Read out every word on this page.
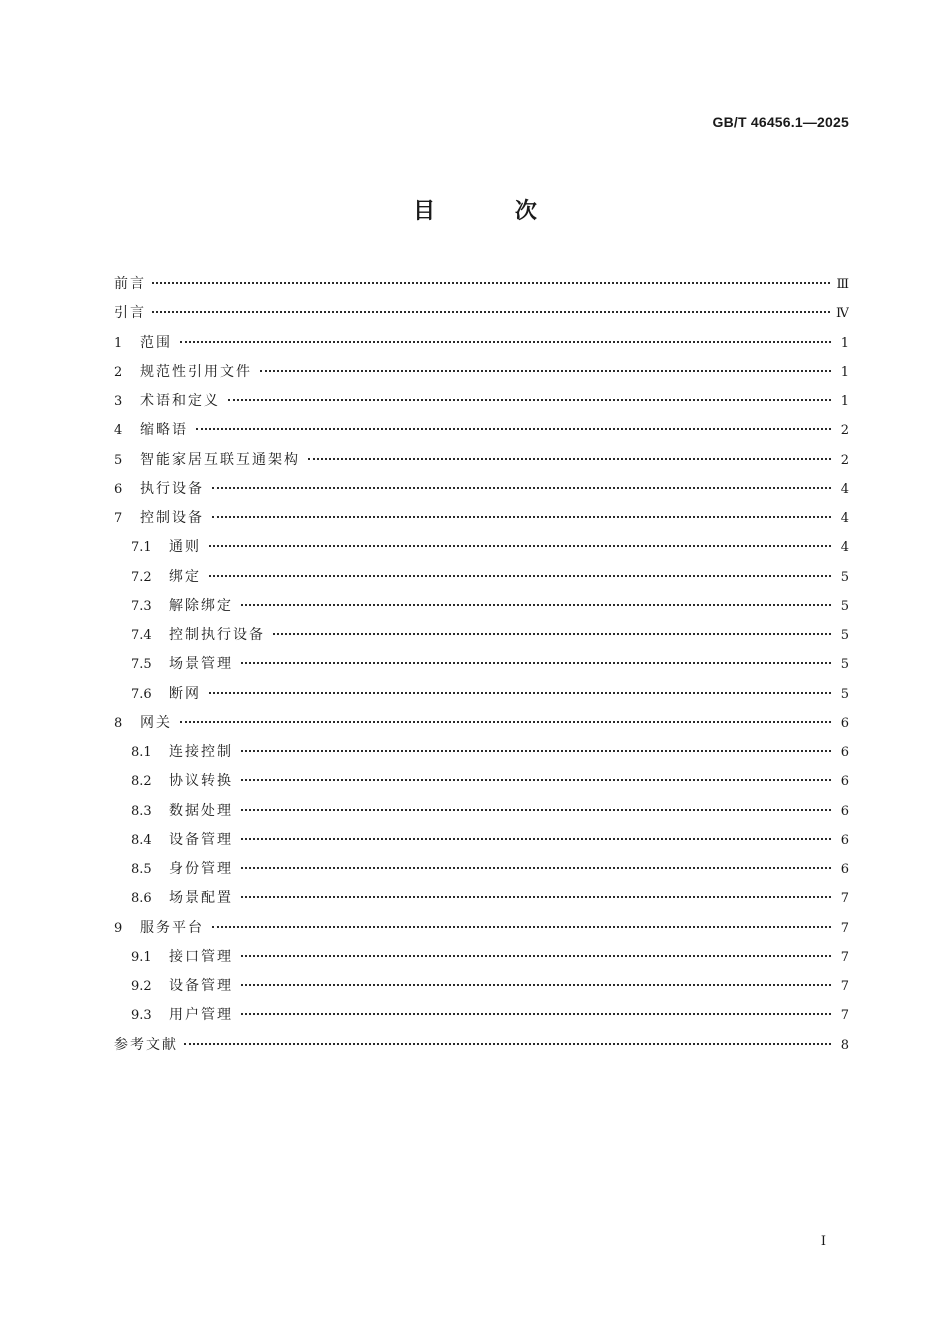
GB/T 46456.1—2025
目 次
前言	Ⅲ
引言	Ⅳ
1	范围	1
2	规范性引用文件	1
3	术语和定义	1
4	缩略语	2
5	智能家居互联互通架构	2
6	执行设备	4
7	控制设备	4
7.1	通则	4
7.2	绑定	5
7.3	解除绑定	5
7.4	控制执行设备	5
7.5	场景管理	5
7.6	断网	5
8	网关	6
8.1	连接控制	6
8.2	协议转换	6
8.3	数据处理	6
8.4	设备管理	6
8.5	身份管理	6
8.6	场景配置	7
9	服务平台	7
9.1	接口管理	7
9.2	设备管理	7
9.3	用户管理	7
参考文献	8
I
